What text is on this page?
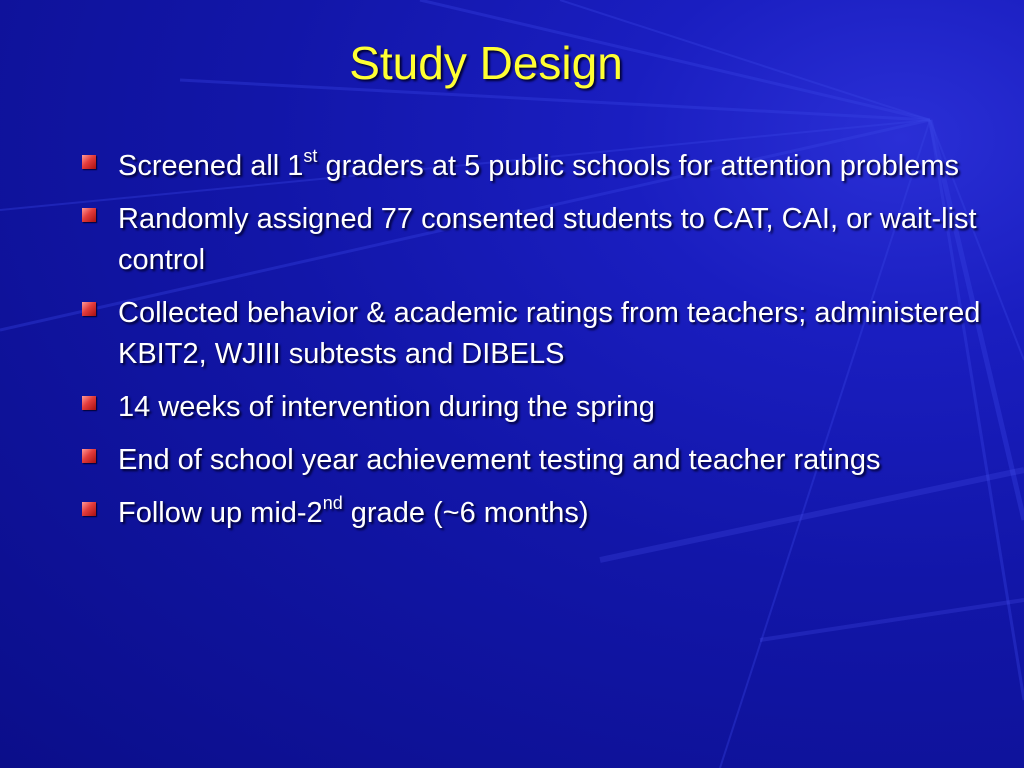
Study Design
Screened all 1st graders at 5 public schools for attention problems
Randomly assigned 77 consented students to CAT, CAI, or wait-list control
Collected behavior & academic ratings from teachers; administered KBIT2, WJIII subtests and DIBELS
14 weeks of intervention during the spring
End of school year achievement testing and teacher ratings
Follow up mid-2nd grade (~6 months)
